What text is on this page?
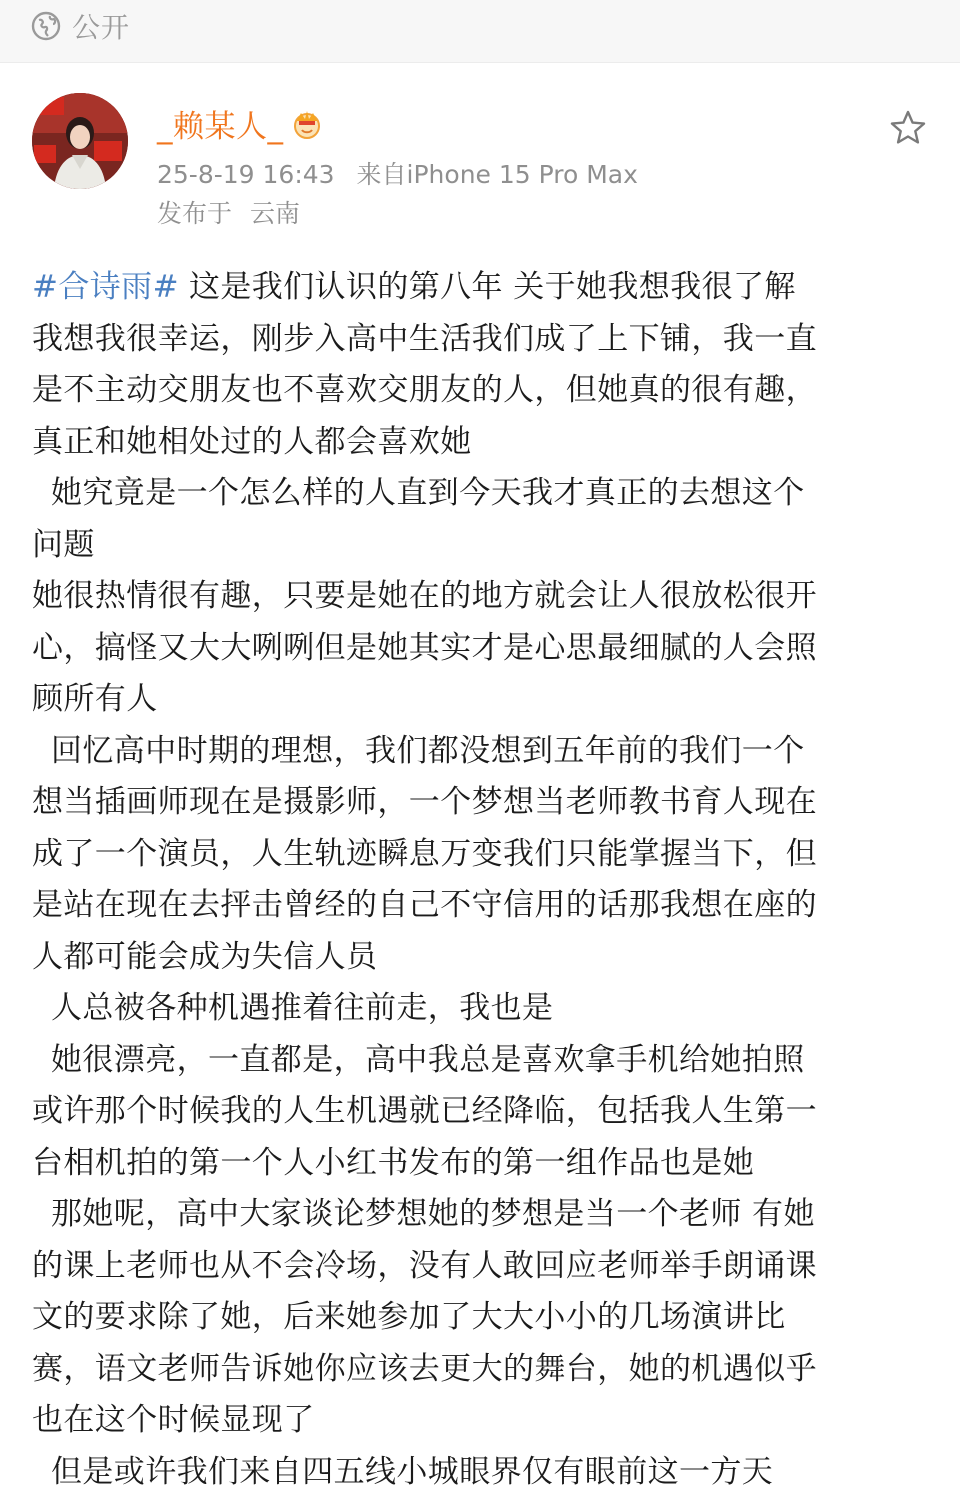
公开
_赖某人_
25-8-19 16:43 来自iPhone 15 Pro Max
发布于 云南
#合诗雨# 这是我们认识的第八年 关于她我想我很了解
我想我很幸运，刚步入高中生活我们成了上下铺，我一直
是不主动交朋友也不喜欢交朋友的人，但她真的很有趣，
真正和她相处过的人都会喜欢她
她究竟是一个怎么样的人直到今天我才真正的去想这个
问题
她很热情很有趣，只要是她在的地方就会让人很放松很开
心，搞怪又大大咧咧但是她其实才是心思最细腻的人会照
顾所有人
回忆高中时期的理想，我们都没想到五年前的我们一个
想当插画师现在是摄影师，一个梦想当老师教书育人现在
成了一个演员，人生轨迹瞬息万变我们只能掌握当下，但
是站在现在去抨击曾经的自己不守信用的话那我想在座的
人都可能会成为失信人员
人总被各种机遇推着往前走，我也是
她很漂亮，一直都是，高中我总是喜欢拿手机给她拍照
或许那个时候我的人生机遇就已经降临，包括我人生第一
台相机拍的第一个人小红书发布的第一组作品也是她
那她呢，高中大家谈论梦想她的梦想是当一个老师 有她
的课上老师也从不会冷场，没有人敢回应老师举手朗诵课
文的要求除了她，后来她参加了大大小小的几场演讲比
赛，语文老师告诉她你应该去更大的舞台，她的机遇似乎
也在这个时候显现了
但是或许我们来自四五线小城眼界仅有眼前这一方天
